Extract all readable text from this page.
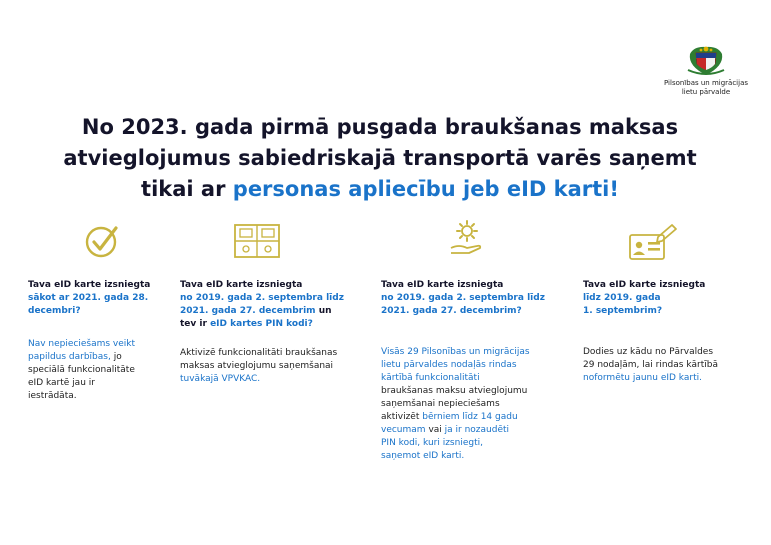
Pilsonības un migrācijas
lietu pārvalde
No 2023. gada pirmā pusgada braukšanas maksas
atvieglojumus sabiedriskajā transportā varēs saņemt
tikai ar personas apliecību jeb eID karti!
Tava eID karte izsniegta
sākot ar 2021. gada 28.
decembri?
Nav nepieciešams veikt
papildus darbības, jo
speciālā funkcionalitāte
eID kartē jau ir
iestrādāta.
Tava eID karte izsniegta
no 2019. gada 2. septembra līdz
2021. gada 27. decembrim un
tev ir eID kartes PIN kodi?
Aktivizē funkcionalitāti braukšanas
maksas atvieglojumu saņemšanai
tuvākajā VPVKAC.
Tava eID karte izsniegta
no 2019. gada 2. septembra līdz
2021. gada 27. decembrim?
Visās 29 Pilsonības un migrācijas
lietu pārvaldes nodaļās rindas
kārtībā funkcionalitāti
braukšanas maksu atvieglojumu
saņemšanai nepieciešams
aktivizēt bērniem līdz 14 gadu
vecumam vai ja ir nozaudēti
PIN kodi, kuri izsniegti,
saņemot eID karti.
Tava eID karte izsniegta
līdz 2019. gada
1. septembrim?
Dodies uz kādu no Pārvaldes
29 nodaļām, lai rindas kārtībā
noformētu jaunu eID karti.
